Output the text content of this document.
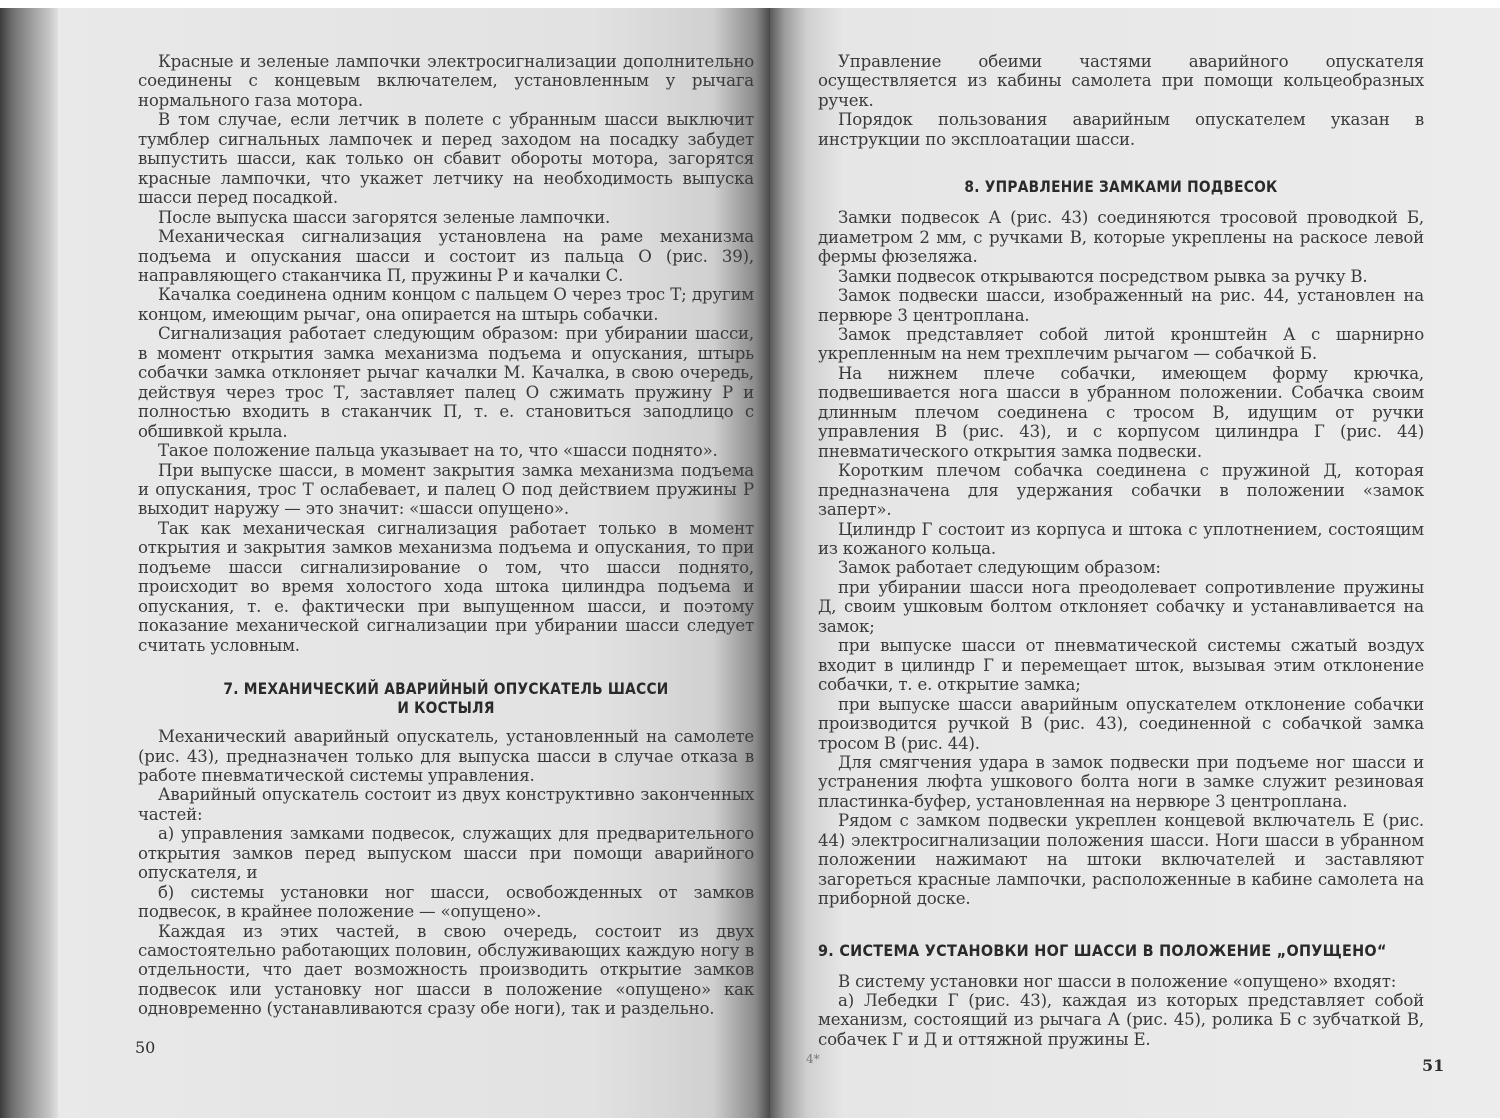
Красные и зеленые лампочки электросигнализации дополнительно соединены с концевым включателем, установленным у рычага нормального газа мотора.

В том случае, если летчик в полете с убранным шасси выключит тумблер сигнальных лампочек и перед заходом на посадку забудет выпустить шасси, как только он сбавит обороты мотора, загорятся красные лампочки, что укажет летчику на необходимость выпуска шасси перед посадкой.

После выпуска шасси загорятся зеленые лампочки.

Механическая сигнализация установлена на раме механизма подъема и опускания шасси и состоит из пальца О (рис. 39), направляющего стаканчика П, пружины Р и качалки С.

Качалка соединена одним концом с пальцем О через трос Т; другим концом, имеющим рычаг, она опирается на штырь собачки.

Сигнализация работает следующим образом: при убирании шасси, в момент открытия замка механизма подъема и опускания, штырь собачки замка отклоняет рычаг качалки М. Качалка, в свою очередь, действуя через трос Т, заставляет палец О сжимать пружину Р и полностью входить в стаканчик П, т. е. становиться заподлицо с обшивкой крыла.

Такое положение пальца указывает на то, что «шасси поднято».

При выпуске шасси, в момент закрытия замка механизма подъема и опускания, трос Т ослабевает, и палец О под действием пружины Р выходит наружу — это значит: «шасси опущено».

Так как механическая сигнализация работает только в момент открытия и закрытия замков механизма подъема и опускания, то при подъеме шасси сигнализирование о том, что шасси поднято, происходит во время холостого хода штока цилиндра подъема и опускания, т. е. фактически при выпущенном шасси, и поэтому показание механической сигнализации при убирании шасси следует считать условным.

7. МЕХАНИЧЕСКИЙ АВАРИЙНЫЙ ОПУСКАТЕЛЬ ШАССИ
И КОСТЫЛЯ

Механический аварийный опускатель, установленный на самолете (рис. 43), предназначен только для выпуска шасси в случае отказа в работе пневматической системы управления.

Аварийный опускатель состоит из двух конструктивно законченных частей:

а) управления замками подвесок, служащих для предварительного открытия замков перед выпуском шасси при помощи аварийного опускателя, и

б) системы установки ног шасси, освобожденных от замков подвесок, в крайнее положение — «опущено».

Каждая из этих частей, в свою очередь, состоит из двух самостоятельно работающих половин, обслуживающих каждую ногу в отдельности, что дает возможность производить открытие замков подвесок или установку ног шасси в положение «опущено» как одновременно (устанавливаются сразу обе ноги), так и раздельно.

50

Управление обеими частями аварийного опускателя осуществляется из кабины самолета при помощи кольцеобразных ручек.

Порядок пользования аварийным опускателем указан в инструкции по эксплоатации шасси.

8. УПРАВЛЕНИЕ ЗАМКАМИ ПОДВЕСОК

Замки подвесок А (рис. 43) соединяются тросовой проводкой Б, диаметром 2 мм, с ручками В, которые укреплены на раскосе левой фермы фюзеляжа.

Замки подвесок открываются посредством рывка за ручку В.

Замок подвески шасси, изображенный на рис. 44, установлен на первюре 3 центроплана.

Замок представляет собой литой кронштейн А с шарнирно укрепленным на нем трехплечим рычагом — собачкой Б.

На нижнем плече собачки, имеющем форму крючка, подвешивается нога шасси в убранном положении. Собачка своим длинным плечом соединена с тросом В, идущим от ручки управления В (рис. 43), и с корпусом цилиндра Г (рис. 44) пневматического открытия замка подвески.

Коротким плечом собачка соединена с пружиной Д, которая предназначена для удержания собачки в положении «замок заперт».

Цилиндр Г состоит из корпуса и штока с уплотнением, состоящим из кожаного кольца.

Замок работает следующим образом:

при убирании шасси нога преодолевает сопротивление пружины Д, своим ушковым болтом отклоняет собачку и устанавливается на замок;

при выпуске шасси от пневматической системы сжатый воздух входит в цилиндр Г и перемещает шток, вызывая этим отклонение собачки, т. е. открытие замка;

при выпуске шасси аварийным опускателем отклонение собачки производится ручкой В (рис. 43), соединенной с собачкой замка тросом В (рис. 44).

Для смягчения удара в замок подвески при подъеме ног шасси и устранения люфта ушкового болта ноги в замке служит резиновая пластинка-буфер, установленная на нервюре 3 центроплана.

Рядом с замком подвески укреплен концевой включатель Е (рис. 44) электросигнализации положения шасси. Ноги шасси в убранном положении нажимают на штоки включателей и заставляют загореться красные лампочки, расположенные в кабине самолета на приборной доске.

9. СИСТЕМА УСТАНОВКИ НОГ ШАССИ В ПОЛОЖЕНИЕ „ОПУЩЕНО“

В систему установки ног шасси в положение «опущено» входят:

а) Лебедки Г (рис. 43), каждая из которых представляет собой механизм, состоящий из рычага А (рис. 45), ролика Б с зубчаткой В, собачек Г и Д и оттяжной пружины Е.

4*	51
